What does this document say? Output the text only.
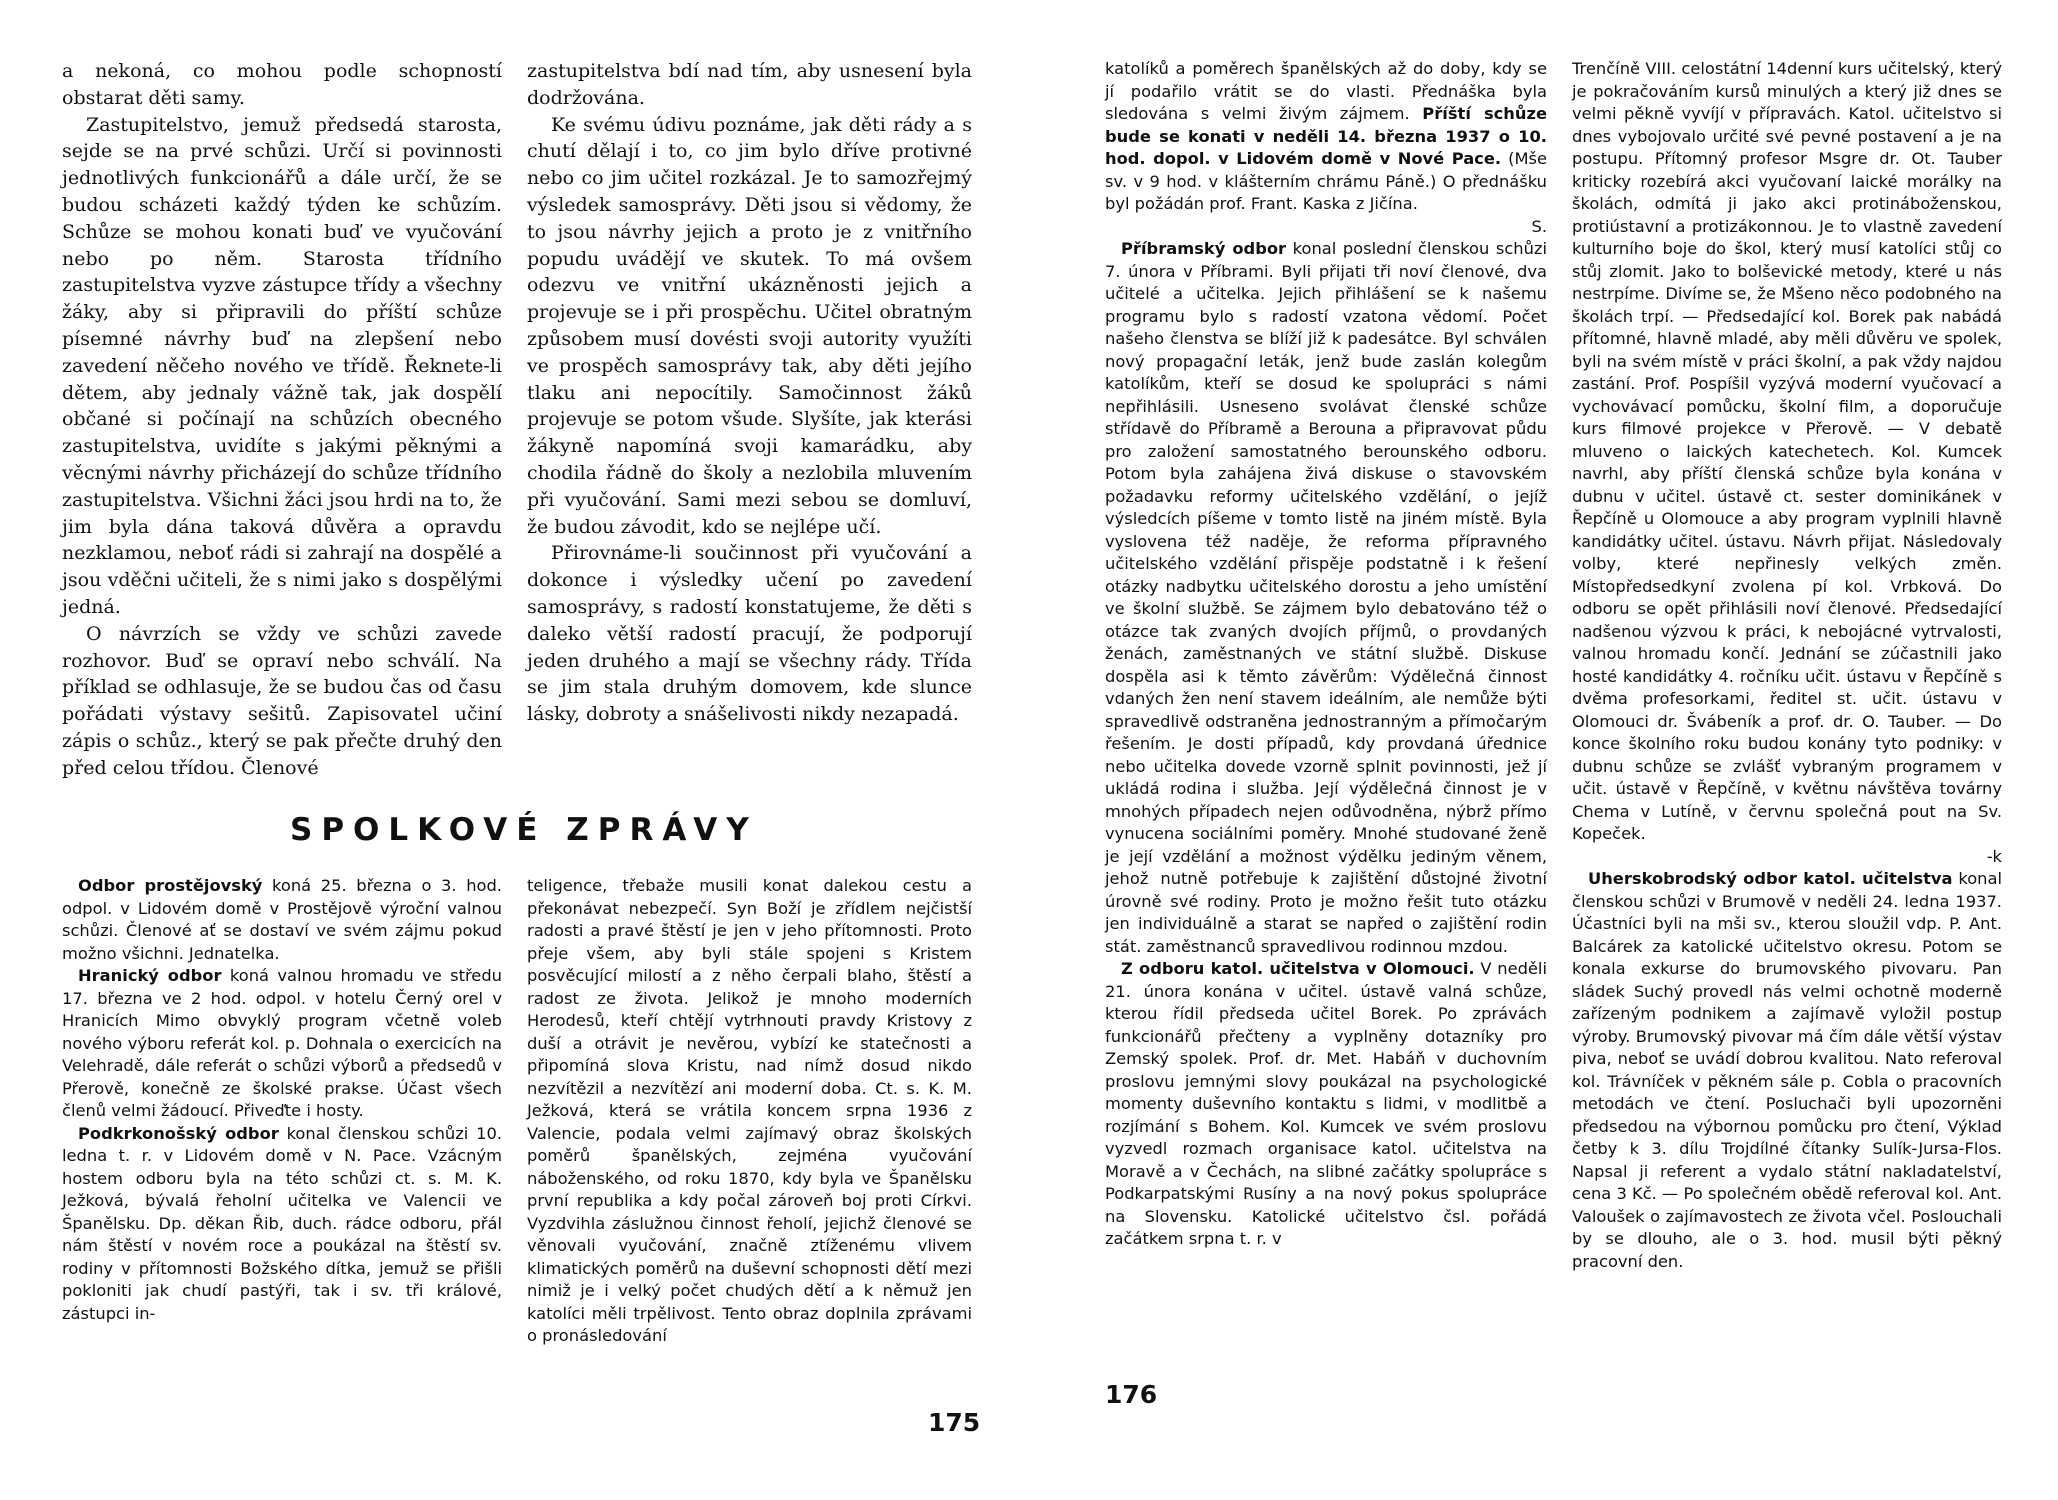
a nekoná, co mohou podle schopností obstarat děti samy.

Zastupitelstvo, jemuž předsedá starosta, sejde se na prvé schůzi. Určí si povinnosti jednotlivých funkcionářů a dále určí, že se budou scházeti každý týden ke schůzím. Schůze se mohou konati buď ve vyučování nebo po něm. Starosta třídního zastupitelstva vyzve zástupce třídy a všechny žáky, aby si připravili do příští schůze písemné návrhy buď na zlepšení nebo zavedení něčeho nového ve třídě. Řeknete-li dětem, aby jednaly vážně tak, jak dospělí občané si počínají na schůzích obecného zastupitelstva, uvidíte s jakými pěknými a věcnými návrhy přicházejí do schůze třídního zastupitelstva. Všichni žáci jsou hrdi na to, že jim byla dána taková důvěra a opravdu nezklamou, neboť rádi si zahrají na dospělé a jsou vděčni učiteli, že s nimi jako s dospělými jedná.

O návrzích se vždy ve schůzi zavede rozhovor. Buď se opraví nebo schválí. Na příklad se odhlasuje, že se budou čas od času pořádati výstavy sešitů. Zapisovatel učiní zápis o schůz., který se pak přečte druhý den před celou třídou. Členové

zastupitelstva bdí nad tím, aby usnesení byla dodržována.

Ke svému údivu poznáme, jak děti rády a s chutí dělají i to, co jim bylo dříve protivné nebo co jim učitel rozkázal. Je to samozřejmý výsledek samosprávy. Děti jsou si vědomy, že to jsou návrhy jejich a proto je z vnitřního popudu uvádějí ve skutek. To má ovšem odezvu ve vnitřní ukázněnosti jejich a projevuje se i při prospěchu. Učitel obratným způsobem musí dovésti svoji autority využíti ve prospěch samosprávy tak, aby děti jejího tlaku ani nepocítily. Samočinnost žáků projevuje se potom všude. Slyšíte, jak kterási žákyně napomíná svoji kamarádku, aby chodila řádně do školy a nezlobila mluvením při vyučování. Sami mezi sebou se domluví, že budou závodit, kdo se nejlépe učí.

Přirovnáme-li součinnost při vyučování a dokonce i výsledky učení po zavedení samosprávy, s radostí konstatujeme, že děti s daleko větší radostí pracují, že podporují jeden druhého a mají se všechny rády. Třída se jim stala druhým domovem, kde slunce lásky, dobroty a snášelivosti nikdy nezapadá.

SPOLKOVÉ ZPRÁVY

Odbor prostějovský koná 25. března o 3. hod. odpol. v Lidovém domě v Prostějově výroční valnou schůzi. Členové ať se dostaví ve svém zájmu pokud možno všichni. Jednatelka.

Hranický odbor koná valnou hromadu ve středu 17. března ve 2 hod. odpol. v hotelu Černý orel v Hranicích Mimo obvyklý program včetně voleb nového výboru referát kol. p. Dohnala o exercicích na Velehradě, dále referát o schůzi výborů a předsedů v Přerově, konečně ze školské prakse. Účast všech členů velmi žádoucí. Přiveďte i hosty.

Podkrkonošský odbor konal členskou schůzi 10. ledna t. r. v Lidovém domě v N. Pace. Vzácným hostem odboru byla na této schůzi ct. s. M. K. Ježková, bývalá řeholní učitelka ve Valencii ve Španělsku. Dp. děkan Řib, duch. rádce odboru, přál nám štěstí v novém roce a poukázal na štěstí sv. rodiny v přítomnosti Božského dítka, jemuž se přišli pokloniti jak chudí pastýři, tak i sv. tři králové, zástupci in-

teligence, třebaže musili konat dalekou cestu a překonávat nebezpečí. Syn Boží je zřídlem nejčistší radosti a pravé štěstí je jen v jeho přítomnosti. Proto přeje všem, aby byli stále spojeni s Kristem posvěcující milostí a z něho čerpali blaho, štěstí a radost ze života. Jelikož je mnoho moderních Herodesů, kteří chtějí vytrhnouti pravdy Kristovy z duší a otrávit je nevěrou, vybízí ke statečnosti a připomíná slova Kristu, nad nímž dosud nikdo nezvítězil a nezvítězí ani moderní doba. Ct. s. K. M. Ježková, která se vrátila koncem srpna 1936 z Valencie, podala velmi zajímavý obraz školských poměrů španělských, zejména vyučování náboženského, od roku 1870, kdy byla ve Španělsku první republika a kdy počal zároveň boj proti Církvi. Vyzdvihla záslužnou činnost řeholí, jejichž členové se věnovali vyučování, značně ztíženému vlivem klimatických poměrů na duševní schopnosti dětí mezi nimiž je i velký počet chudých dětí a k němuž jen katolíci měli trpělivost. Tento obraz doplnila zprávami o pronásledování

175

katolíků a poměrech španělských až do doby, kdy se jí podařilo vrátit se do vlasti. Přednáška byla sledována s velmi živým zájmem. Příští schůze bude se konati v neděli 14. března 1937 o 10. hod. dopol. v Lidovém domě v Nové Pace. (Mše sv. v 9 hod. v klášterním chrámu Páně.) O přednášku byl požádán prof. Frant. Kaska z Jičína.

S.

Příbramský odbor konal poslední členskou schůzi 7. února v Příbrami. Byli přijati tři noví členové, dva učitelé a učitelka. Jejich přihlášení se k našemu programu bylo s radostí vzatona vědomí. Počet našeho členstva se blíží již k padesátce. Byl schválen nový propagační leták, jenž bude zaslán kolegům katolíkům, kteří se dosud ke spolupráci s námi nepřihlásili. Usneseno svolávat členské schůze střídavě do Příbramě a Berouna a připravovat půdu pro založení samostatného berounského odboru. Potom byla zahájena živá diskuse o stavovském požadavku reformy učitelského vzdělání, o jejíž výsledcích píšeme v tomto listě na jiném místě. Byla vyslovena též naděje, že reforma přípravného učitelského vzdělání přispěje podstatně i k řešení otázky nadbytku učitelského dorostu a jeho umístění ve školní službě. Se zájmem bylo debatováno též o otázce tak zvaných dvojích příjmů, o provdaných ženách, zaměstnaných ve státní službě. Diskuse dospěla asi k těmto závěrům: Výdělečná činnost vdaných žen není stavem ideálním, ale nemůže býti spravedlivě odstraněna jednostranným a přímočarým řešením. Je dosti případů, kdy provdaná úřednice nebo učitelka dovede vzorně splnit povinnosti, jež jí ukládá rodina i služba. Její výdělečná činnost je v mnohých případech nejen odůvodněna, nýbrž přímo vynucena sociálními poměry. Mnohé studované ženě je její vzdělání a možnost výdělku jediným věnem, jehož nutně potřebuje k zajištění důstojné životní úrovně své rodiny. Proto je možno řešit tuto otázku jen individuálně a starat se napřed o zajištění rodin stát. zaměstnanců spravedlivou rodinnou mzdou.

Z odboru katol. učitelstva v Olomouci. V neděli 21. února konána v učitel. ústavě valná schůze, kterou řídil předseda učitel Borek. Po zprávách funkcionářů přečteny a vyplněny dotazníky pro Zemský spolek. Prof. dr. Met. Habáň v duchovním proslovu jemnými slovy poukázal na psychologické momenty duševního kontaktu s lidmi, v modlitbě a rozjímání s Bohem. Kol. Kumcek ve svém proslovu vyzvedl rozmach organisace katol. učitelstva na Moravě a v Čechách, na slibné začátky spolupráce s Podkarpatskými Rusíny a na nový pokus spolupráce na Slovensku. Katolické učitelstvo čsl. pořádá začátkem srpna t. r. v

Trenčíně VIII. celostátní 14denní kurs učitelský, který je pokračováním kursů minulých a který již dnes se velmi pěkně vyvíjí v přípravách. Katol. učitelstvo si dnes vybojovalo určité své pevné postavení a je na postupu. Přítomný profesor Msgre dr. Ot. Tauber kriticky rozebírá akci vyučovaní laické morálky na školách, odmítá ji jako akci protináboženskou, protiústavní a protizákonnou. Je to vlastně zavedení kulturního boje do škol, který musí katolíci stůj co stůj zlomit. Jako to bolševické metody, které u nás nestrpíme. Divíme se, že Mšeno něco podobného na školách trpí. — Předsedající kol. Borek pak nabádá přítomné, hlavně mladé, aby měli důvěru ve spolek, byli na svém místě v práci školní, a pak vždy najdou zastání. Prof. Pospíšil vyzývá moderní vyučovací a vychovávací pomůcku, školní film, a doporučuje kurs filmové projekce v Přerově. — V debatě mluveno o laických katechetech. Kol. Kumcek navrhl, aby příští členská schůze byla konána v dubnu v učitel. ústavě ct. sester dominikánek v Řepčíně u Olomouce a aby program vyplnili hlavně kandidátky učitel. ústavu. Návrh přijat. Následovaly volby, které nepřinesly velkých změn. Místopředsedkyní zvolena pí kol. Vrbková. Do odboru se opět přihlásili noví členové. Předsedající nadšenou výzvou k práci, k nebojácné vytrvalosti, valnou hromadu končí. Jednání se zúčastnili jako hosté kandidátky 4. ročníku učit. ústavu v Řepčíně s dvěma profesorkami, ředitel st. učit. ústavu v Olomouci dr. Švábeník a prof. dr. O. Tauber. — Do konce školního roku budou konány tyto podniky: v dubnu schůze se zvlášť vybraným programem v učit. ústavě v Řepčíně, v květnu návštěva továrny Chema v Lutíně, v červnu společná pout na Sv. Kopeček.

-k

Uherskobrodský odbor katol. učitelstva konal členskou schůzi v Brumově v neděli 24. ledna 1937. Účastníci byli na mši sv., kterou sloužil vdp. P. Ant. Balcárek za katolické učitelstvo okresu. Potom se konala exkurse do brumovského pivovaru. Pan sládek Suchý provedl nás velmi ochotně moderně zařízeným podnikem a zajímavě vyložil postup výroby. Brumovský pivovar má čím dále větší výstav piva, neboť se uvádí dobrou kvalitou. Nato referoval kol. Trávníček v pěkném sále p. Cobla o pracovních metodách ve čtení. Posluchači byli upozorněni předsedou na výbornou pomůcku pro čtení, Výklad četby k 3. dílu Trojdílné čítanky Sulík-Jursa-Flos. Napsal ji referent a vydalo státní nakladatelství, cena 3 Kč. — Po společném obědě referoval kol. Ant. Valoušek o zajímavostech ze života včel. Poslouchali by se dlouho, ale o 3. hod. musil býti pěkný pracovní den.

176
